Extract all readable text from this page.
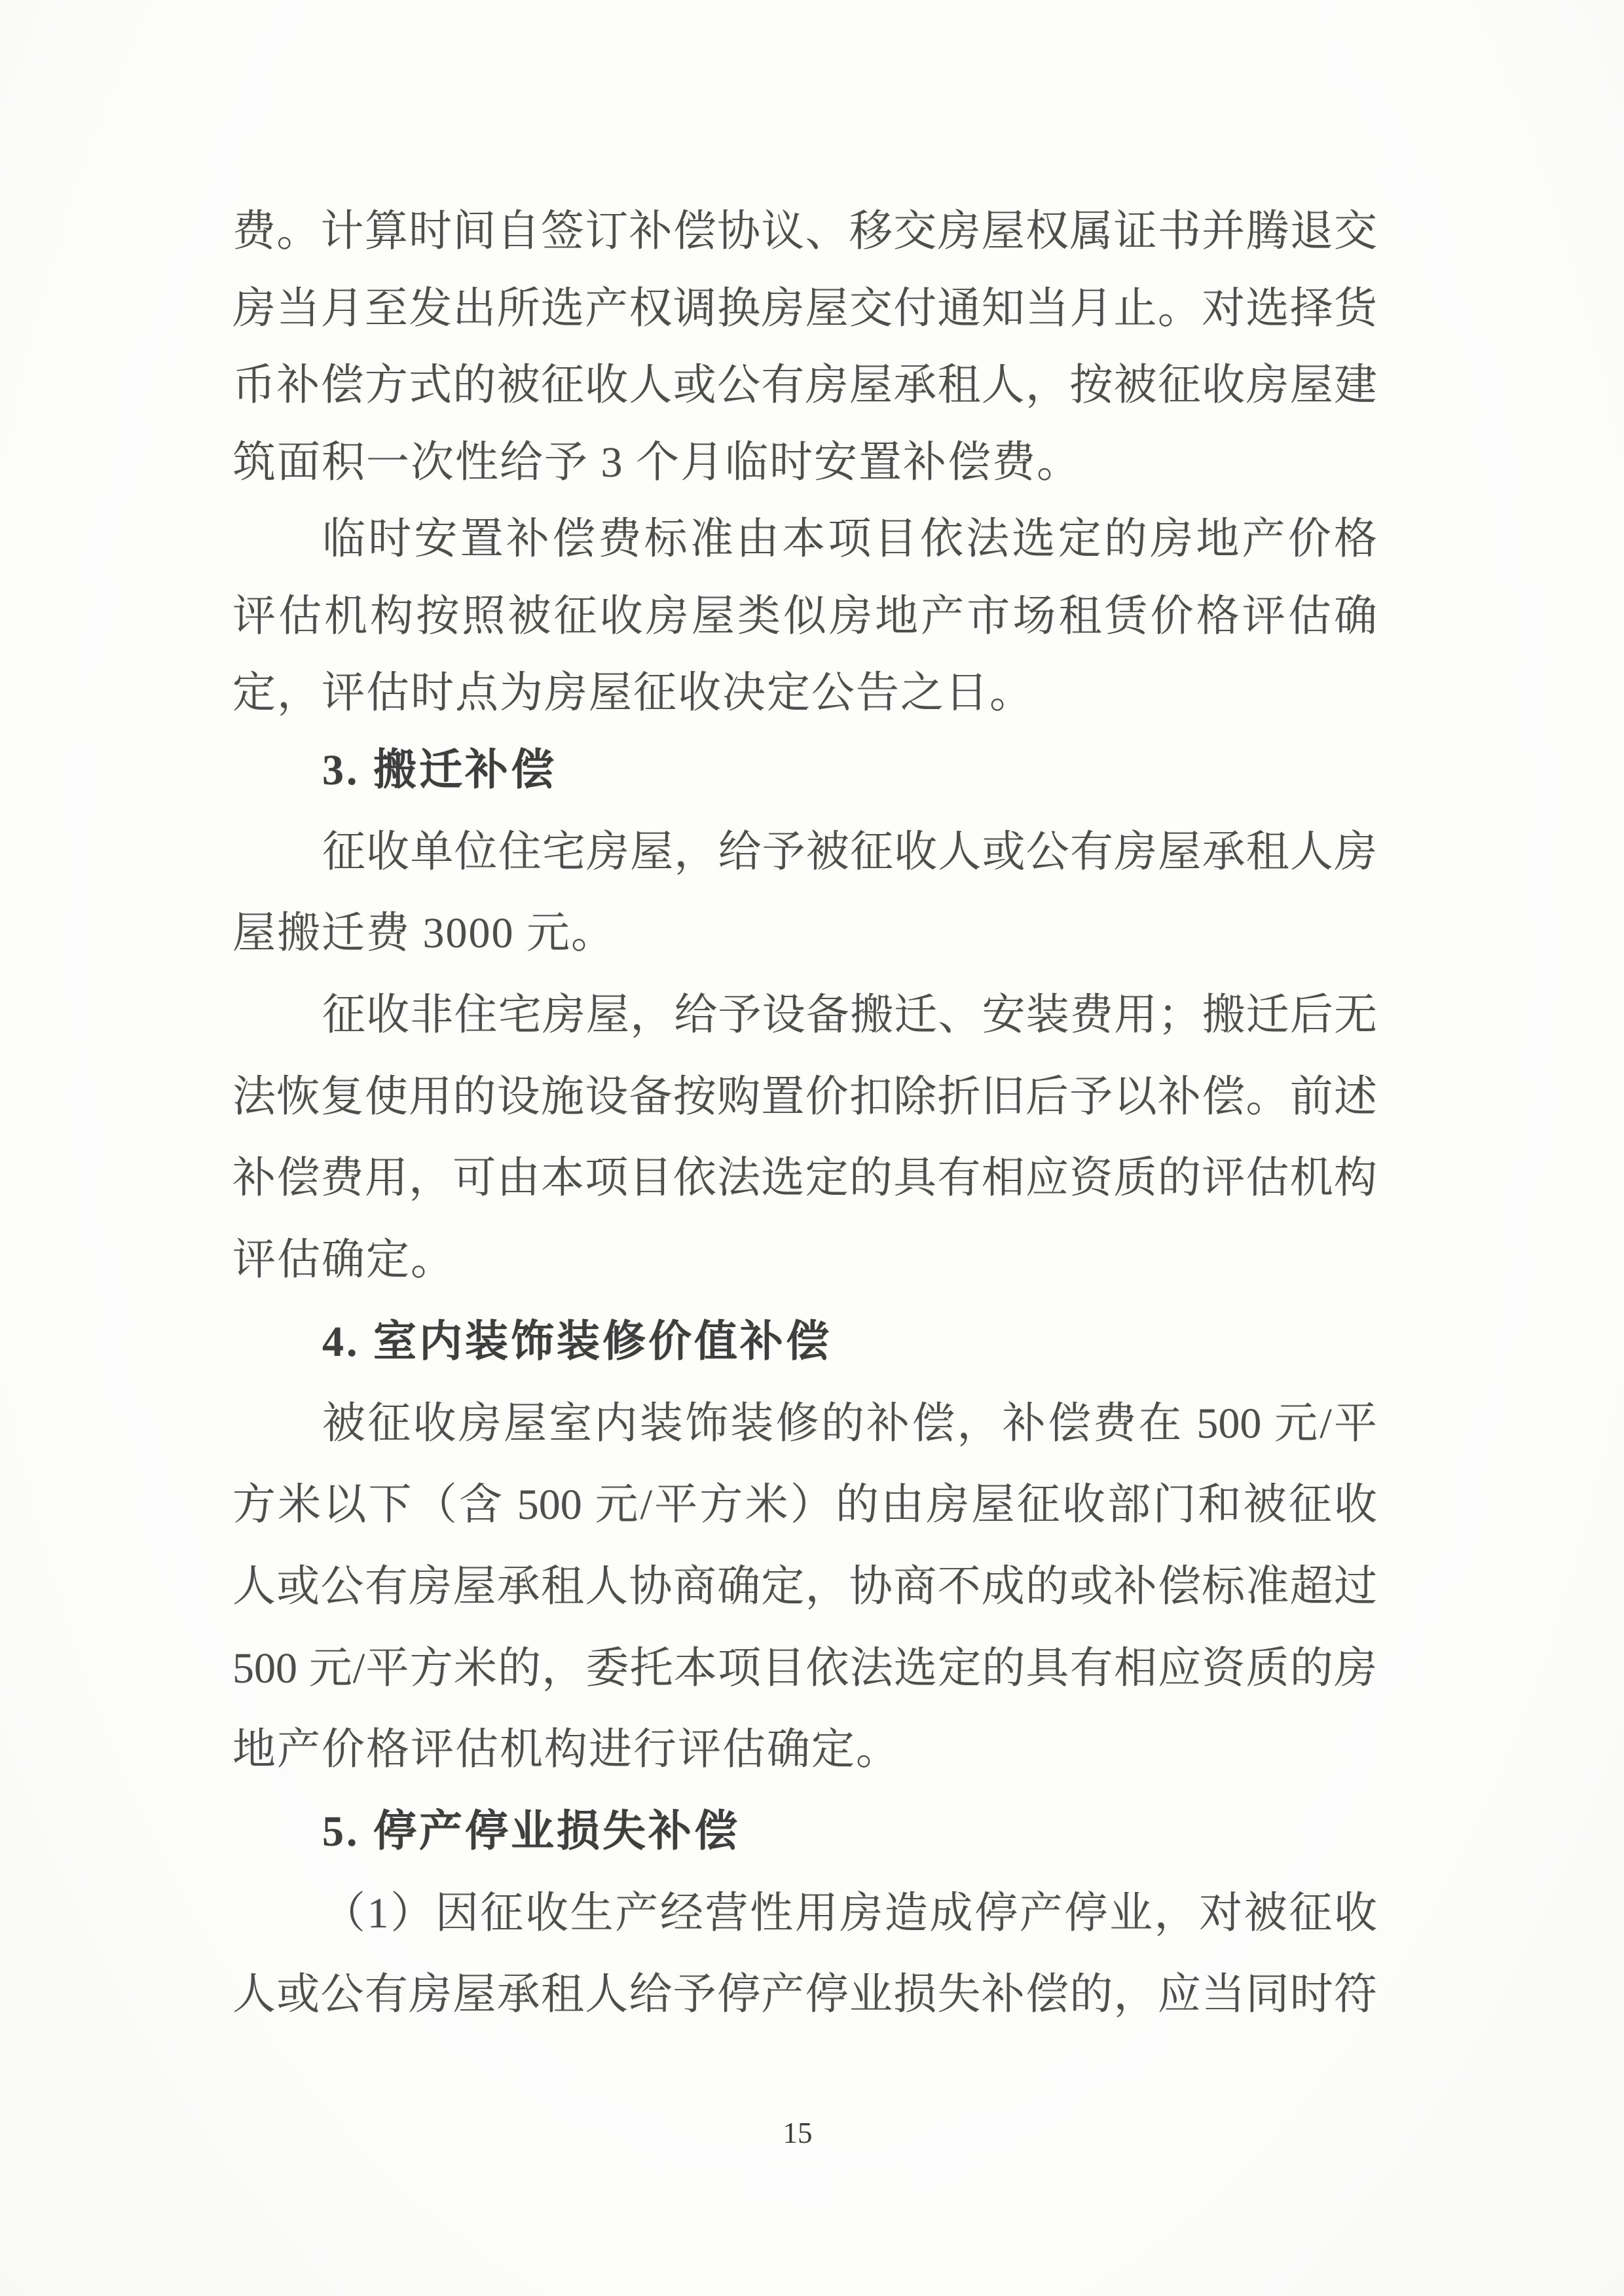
费。计算时间自签订补偿协议、移交房屋权属证书并腾退交
房当月至发出所选产权调换房屋交付通知当月止。对选择货
币补偿方式的被征收人或公有房屋承租人，按被征收房屋建
筑面积一次性给予 3 个月临时安置补偿费。
临时安置补偿费标准由本项目依法选定的房地产价格
评估机构按照被征收房屋类似房地产市场租赁价格评估确
定，评估时点为房屋征收决定公告之日。
3. 搬迁补偿
征收单位住宅房屋，给予被征收人或公有房屋承租人房
屋搬迁费 3000 元。
征收非住宅房屋，给予设备搬迁、安装费用；搬迁后无
法恢复使用的设施设备按购置价扣除折旧后予以补偿。前述
补偿费用，可由本项目依法选定的具有相应资质的评估机构
评估确定。
4. 室内装饰装修价值补偿
被征收房屋室内装饰装修的补偿，补偿费在 500 元/平
方米以下（含 500 元/平方米）的由房屋征收部门和被征收
人或公有房屋承租人协商确定，协商不成的或补偿标准超过
500 元/平方米的，委托本项目依法选定的具有相应资质的房
地产价格评估机构进行评估确定。
5. 停产停业损失补偿
（1）因征收生产经营性用房造成停产停业，对被征收
人或公有房屋承租人给予停产停业损失补偿的，应当同时符
15
